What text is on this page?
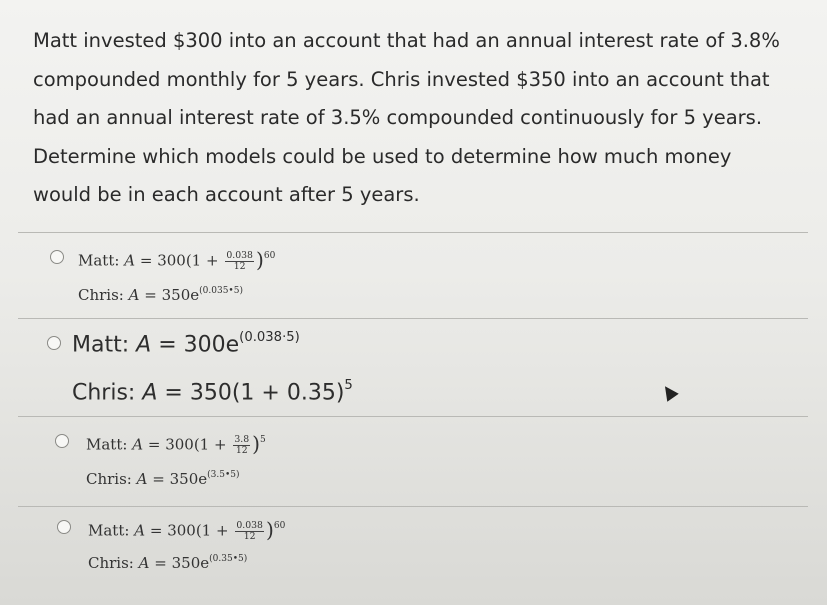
Matt invested $300 into an account that had an annual interest rate of 3.8%
compounded monthly for 5 years. Chris invested $350 into an account that
had an annual interest rate of 3.5% compounded continuously for 5 years.
Determine which models could be used to determine how much money
would be in each account after 5 years.
Matt: $A = 300(1 + \frac{0.038}{12} )^{60}$
Chris: $A = 350e^{(0.035•5)}$
Matt: $A = 300e^{(0.038\cdot 5)}$
Chris: $A = 350(1 + 0.35)^5$
Matt: $A = 300(1 + \frac{3.8}{12} )^5$
Chris: $A = 350e^{(3.5•5)}$
Matt: $A = 300(1 + \frac{0.038}{12} )^{60}$
Chris: $A = 350e^{(0.35•5)}$
